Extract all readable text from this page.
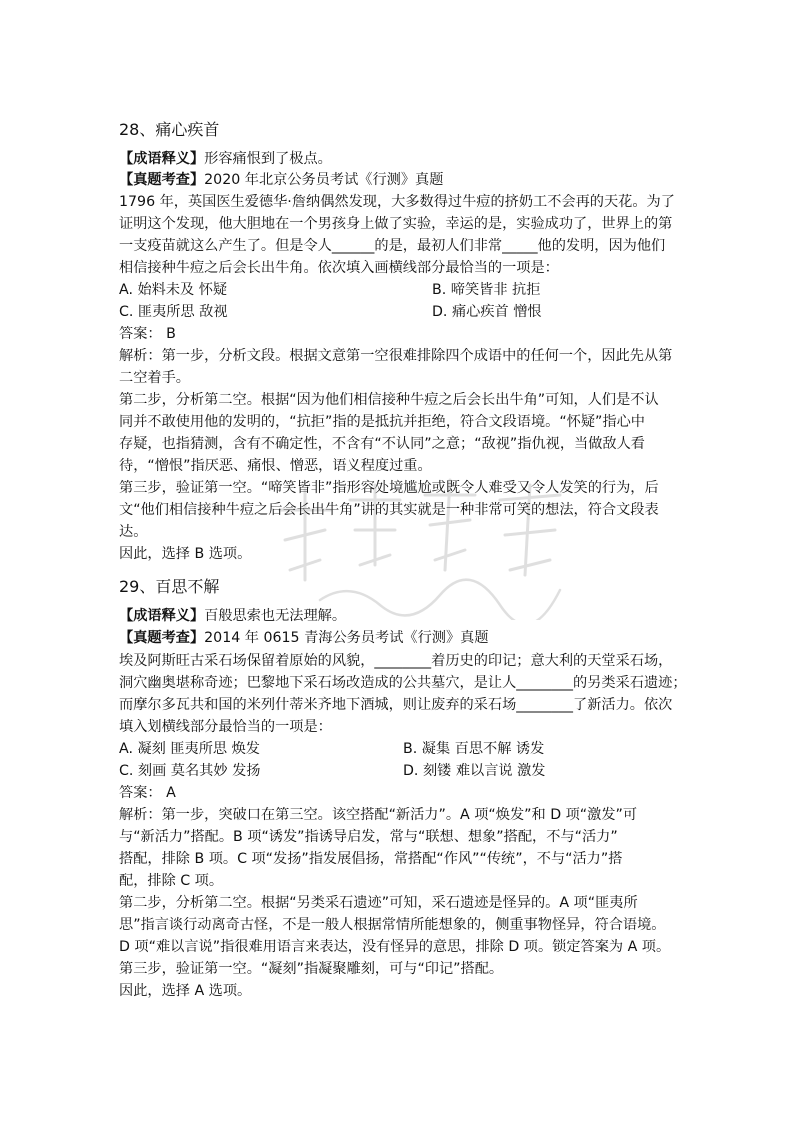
28、痛心疾首
【成语释义】形容痛恨到了极点。
【真题考查】2020 年北京公务员考试《行测》真题
1796 年，英国医生爱德华·詹纳偶然发现，大多数得过牛痘的挤奶工不会再的天花。为了
证明这个发现，他大胆地在一个男孩身上做了实验，幸运的是，实验成功了，世界上的第
一支疫苗就这么产生了。但是令人______的是，最初人们非常_____他的发明，因为他们
相信接种牛痘之后会长出牛角。依次填入画横线部分最恰当的一项是：
A. 始料未及 怀疑	B. 啼笑皆非 抗拒
C. 匪夷所思 敌视	D. 痛心疾首 憎恨
答案： B
解析：第一步，分析文段。根据文意第一空很难排除四个成语中的任何一个，因此先从第
二空着手。
第二步，分析第二空。根据“因为他们相信接种牛痘之后会长出牛角”可知，人们是不认
同并不敢使用他的发明的，“抗拒”指的是抵抗并拒绝，符合文段语境。“怀疑”指心中
存疑，也指猜测，含有不确定性，不含有“不认同”之意；“敌视”指仇视，当做敌人看
待，“憎恨”指厌恶、痛恨、憎恶，语义程度过重。
第三步，验证第一空。“啼笑皆非”指形容处境尴尬或既令人难受又令人发笑的行为，后
文“他们相信接种牛痘之后会长出牛角”讲的其实就是一种非常可笑的想法，符合文段表
达。
因此，选择 B 选项。
29、百思不解
【成语释义】百般思索也无法理解。
【真题考查】2014 年 0615 青海公务员考试《行测》真题
埃及阿斯旺古采石场保留着原始的风貌，________着历史的印记；意大利的天堂采石场，
洞穴幽奥堪称奇迹；巴黎地下采石场改造成的公共墓穴，是让人________的另类采石遗迹；
而摩尔多瓦共和国的米列什蒂米齐地下酒城，则让废弃的采石场________了新活力。依次
填入划横线部分最恰当的一项是：
A. 凝刻 匪夷所思 焕发	B. 凝集 百思不解 诱发
C. 刻画 莫名其妙 发扬	D. 刻镂 难以言说 激发
答案： A
解析：第一步，突破口在第三空。该空搭配“新活力”。A 项“焕发”和 D 项“激发”可
与“新活力”搭配。B 项“诱发”指诱导启发，常与“联想、想象”搭配，不与“活力”
搭配，排除 B 项。C 项“发扬”指发展倡扬，常搭配“作风”“传统”，不与“活力”搭
配，排除 C 项。
第二步，分析第二空。根据“另类采石遗迹”可知，采石遗迹是怪异的。A 项“匪夷所
思”指言谈行动离奇古怪，不是一般人根据常情所能想象的，侧重事物怪异，符合语境。
D 项“难以言说”指很难用语言来表达，没有怪异的意思，排除 D 项。锁定答案为 A 项。
第三步，验证第一空。“凝刻”指凝聚雕刻，可与“印记”搭配。
因此，选择 A 选项。
